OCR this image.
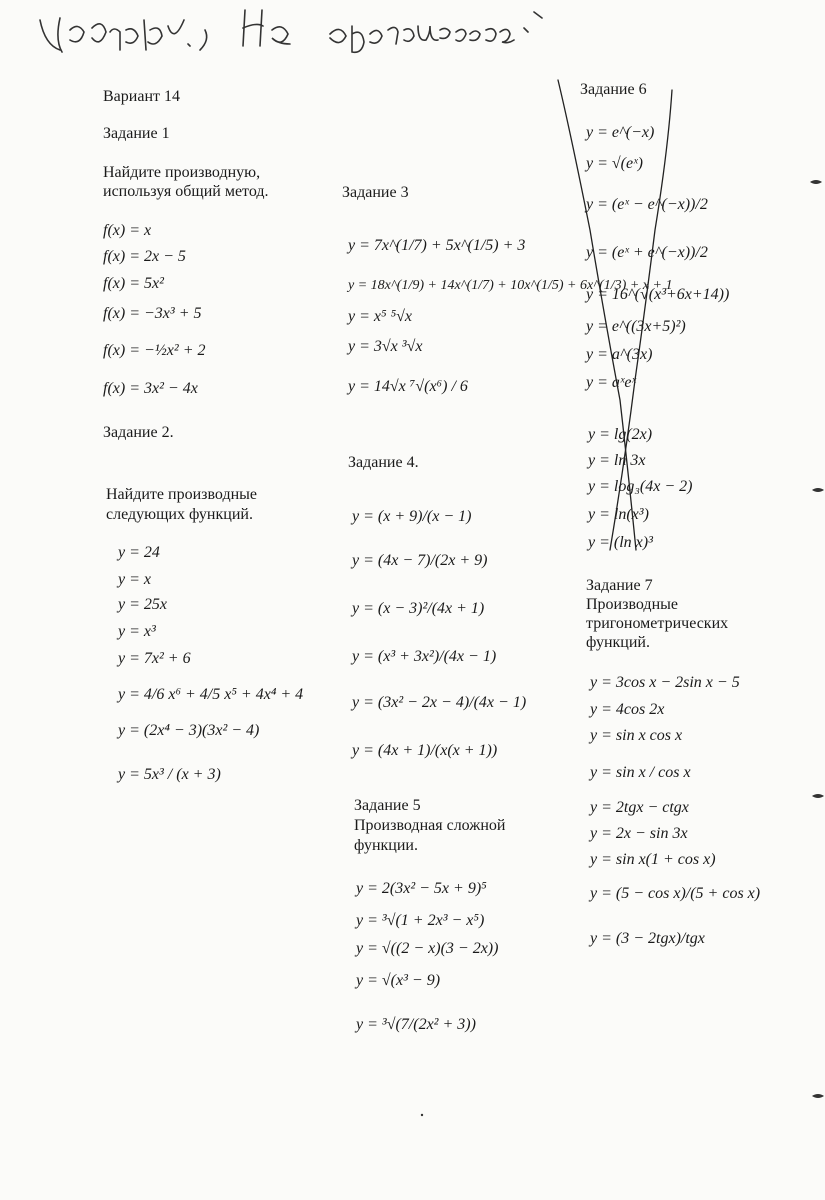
Вариант 14
Задание 1
Найдите производную,
используя общий метод.
f(x) = x
f(x) = 2x − 5
f(x) = 5x²
f(x) = −3x³ + 5
f(x) = −½x² + 2
f(x) = 3x² − 4x
Задание 2.
Найдите производные
следующих функций.
y = 24
y = x
y = 25x
y = x³
y = 7x² + 6
y = 4/6 x⁶ + 4/5 x⁵ + 4x⁴ + 4
y = (2x⁴ − 3)(3x² − 4)
y = 5x³ / (x + 3)
Задание 3
y = 7x^(1/7) + 5x^(1/5) + 3
y = 18x^(1/9) + 14x^(1/7) + 10x^(1/5) + 6x^(1/3) + x + 1
y = x⁵ ⁵√x
y = 3√x ³√x
y = 14√x ⁷√(x⁶) / 6
Задание 4.
y = (x + 9)/(x − 1)
y = (4x − 7)/(2x + 9)
y = (x − 3)²/(4x + 1)
y = (x³ + 3x²)/(4x − 1)
y = (3x² − 2x − 4)/(4x − 1)
y = (4x + 1)/(x(x + 1))
Задание 5
Производная сложной
функции.
y = 2(3x² − 5x + 9)⁵
y = ³√(1 + 2x³ − x⁵)
y = √((2 − x)(3 − 2x))
y = √(x³ − 9)
y = ³√(7/(2x² + 3))
Задание 6
y = e^(−x)
y = √(eˣ)
y = (eˣ − e^(−x))/2
y = (eˣ + e^(−x))/2
y = 16^(√(x³+6x+14))
y = e^((3x+5)²)
y = a^(3x)
y = aˣeˣ
y = lg(2x)
y = ln 3x
y = log₃(4x − 2)
y = ln(x³)
y = (ln x)³
Задание 7
Производные
тригонометрических
функций.
y = 3cos x − 2sin x − 5
y = 4cos 2x
y = sin x cos x
y = sin x / cos x
y = 2tgx − ctgx
y = 2x − sin 3x
y = sin x(1 + cos x)
y = (5 − cos x)/(5 + cos x)
y = (3 − 2tgx)/tgx
